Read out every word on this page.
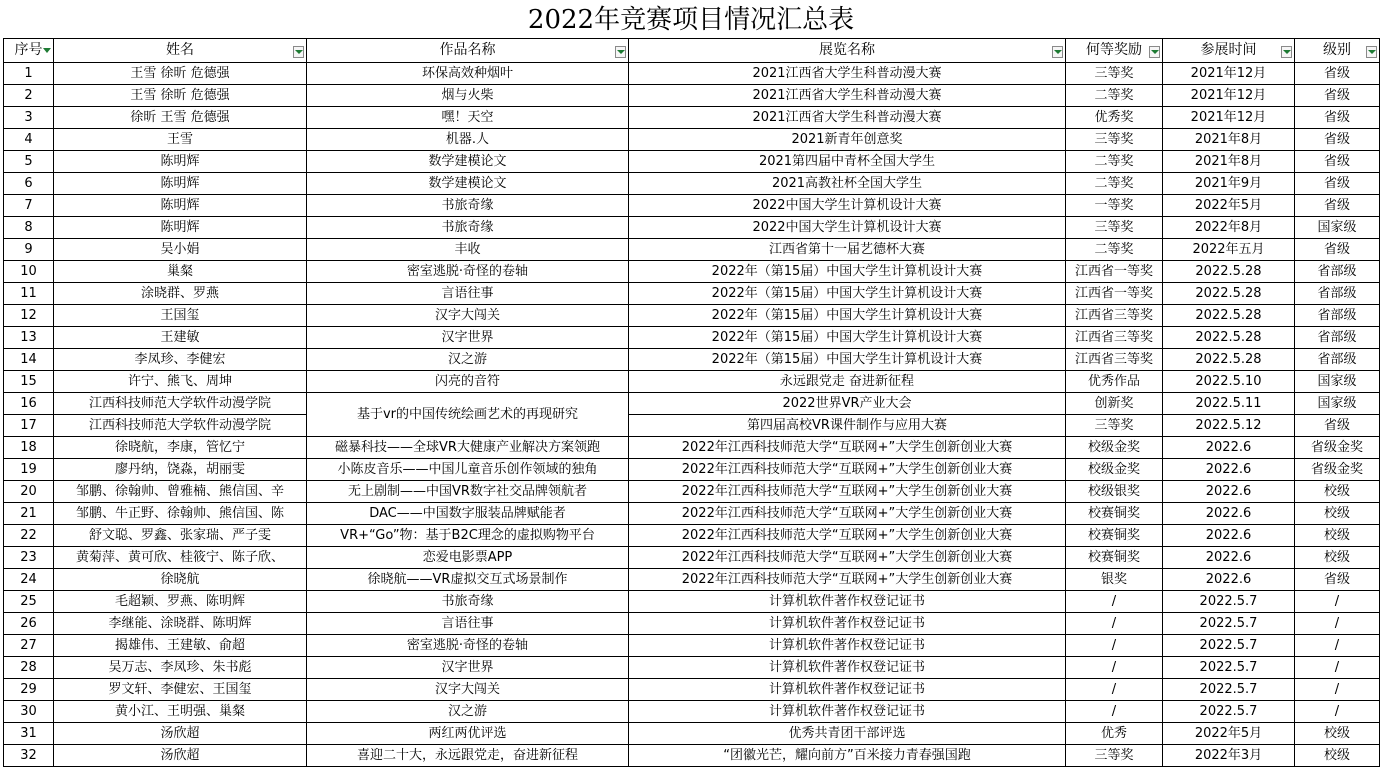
2022年竞赛项目情况汇总表
序号	姓名	作品名称	展览名称	何等奖励	参展时间	级别

1	王雪 徐昕 危德强	环保高效种烟叶	2021江西省大学生科普动漫大赛	三等奖	2021年12月	省级
2	王雪 徐昕 危德强	烟与火柴	2021江西省大学生科普动漫大赛	二等奖	2021年12月	省级
3	徐昕 王雪 危德强	嘿！天空	2021江西省大学生科普动漫大赛	优秀奖	2021年12月	省级
4	王雪	机器.人	2021新青年创意奖	三等奖	2021年8月	省级
5	陈明辉	数学建模论文	2021第四届中青杯全国大学生	二等奖	2021年8月	省级
6	陈明辉	数学建模论文	2021高教社杯全国大学生	二等奖	2021年9月	省级
7	陈明辉	书旅奇缘	2022中国大学生计算机设计大赛	一等奖	2022年5月	省级
8	陈明辉	书旅奇缘	2022中国大学生计算机设计大赛	三等奖	2022年8月	国家级
9	吴小娟	丰收	江西省第十一届艺德杯大赛	二等奖	2022年五月	省级
10	巢粲	密室逃脱·奇怪的卷轴	2022年（第15届）中国大学生计算机设计大赛	江西省一等奖	2022.5.28	省部级
11	涂晓群、罗燕	言语往事	2022年（第15届）中国大学生计算机设计大赛	江西省一等奖	2022.5.28	省部级
12	王国玺	汉字大闯关	2022年（第15届）中国大学生计算机设计大赛	江西省三等奖	2022.5.28	省部级
13	王建敏	汉字世界	2022年（第15届）中国大学生计算机设计大赛	江西省三等奖	2022.5.28	省部级
14	李凤珍、李健宏	汉之游	2022年（第15届）中国大学生计算机设计大赛	江西省三等奖	2022.5.28	省部级
15	许宁、熊飞、周坤	闪亮的音符	永远跟党走 奋进新征程	优秀作品	2022.5.10	国家级
16	江西科技师范大学软件动漫学院	基于vr的中国传统绘画艺术的再现研究	2022世界VR产业大会	创新奖	2022.5.11	国家级
17	江西科技师范大学软件动漫学院		第四届高校VR课件制作与应用大赛	三等奖	2022.5.12	省级
18	徐晓航，李康，管忆宁	磁暴科技——全球VR大健康产业解决方案领跑	2022年江西科技师范大学“互联网+”大学生创新创业大赛	校级金奖	2022.6	省级金奖
19	廖丹纳，饶淼，胡丽雯	小陈皮音乐——中国儿童音乐创作领域的独角	2022年江西科技师范大学“互联网+”大学生创新创业大赛	校级金奖	2022.6	省级金奖
20	邹鹏、徐翰帅、曾雅楠、熊信国、辛	无上剧制——中国VR数字社交品牌领航者	2022年江西科技师范大学“互联网+”大学生创新创业大赛	校级银奖	2022.6	校级
21	邹鹏、牛正野、徐翰帅、熊信国、陈	DAC——中国数字服装品牌赋能者	2022年江西科技师范大学“互联网+”大学生创新创业大赛	校赛铜奖	2022.6	校级
22	舒文聪、罗鑫、张家瑞、严子雯	VR+“Go”物：基于B2C理念的虚拟购物平台	2022年江西科技师范大学“互联网+”大学生创新创业大赛	校赛铜奖	2022.6	校级
23	黄菊萍、黄可欣、桂筱宁、陈子欣、	恋爱电影票APP	2022年江西科技师范大学“互联网+”大学生创新创业大赛	校赛铜奖	2022.6	校级
24	徐晓航	徐晓航——VR虚拟交互式场景制作	2022年江西科技师范大学“互联网+”大学生创新创业大赛	银奖	2022.6	省级
25	毛超颖、罗燕、陈明辉	书旅奇缘	计算机软件著作权登记证书	/	2022.5.7	/
26	李继能、涂晓群、陈明辉	言语往事	计算机软件著作权登记证书	/	2022.5.7	/
27	揭雄伟、王建敏、俞超	密室逃脱·奇怪的卷轴	计算机软件著作权登记证书	/	2022.5.7	/
28	吴万志、李凤珍、朱书彪	汉字世界	计算机软件著作权登记证书	/	2022.5.7	/
29	罗文轩、李健宏、王国玺	汉字大闯关	计算机软件著作权登记证书	/	2022.5.7	/
30	黄小江、王明强、巢粲	汉之游	计算机软件著作权登记证书	/	2022.5.7	/
31	汤欣超	两红两优评选	优秀共青团干部评选	优秀	2022年5月	校级
32	汤欣超	喜迎二十大，永远跟党走，奋进新征程	“团徽光芒，耀向前方”百米接力青春强国跑	三等奖	2022年3月	校级
